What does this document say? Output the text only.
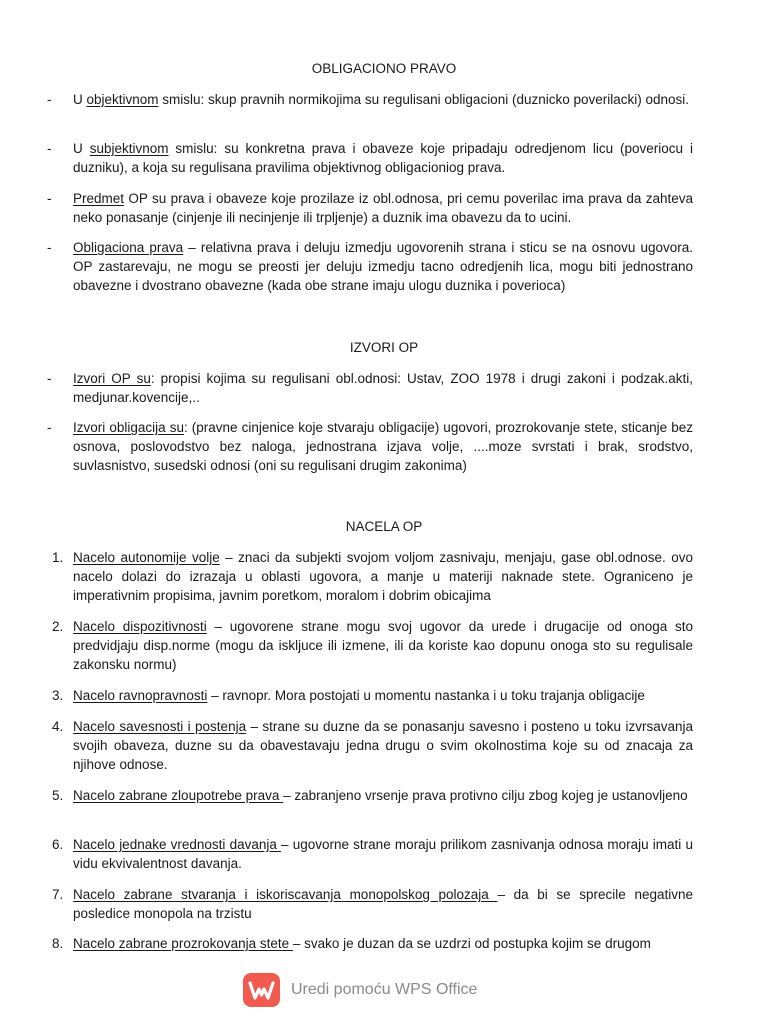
OBLIGACIONO PRAVO
-	U objektivnom smislu: skup pravnih normikojima su regulisani obligacioni (duznicko poverilacki) odnosi.
-	U subjektivnom smislu: su konkretna prava i obaveze koje pripadaju odredjenom licu (poveriocu i duzniku), a koja su regulisana pravilima objektivnog obligacioniog prava.
-	Predmet OP su prava i obaveze koje prozilaze iz obl.odnosa, pri cemu poverilac ima prava da zahteva neko ponasanje (cinjenje ili necinjenje ili trpljenje) a duznik ima obavezu da to ucini.
-	Obligaciona prava – relativna prava i deluju izmedju ugovorenih strana i sticu se na osnovu ugovora. OP zastarevaju, ne mogu se preosti jer deluju izmedju tacno odredjenih lica, mogu biti jednostrano obavezne i dvostrano obavezne (kada obe strane imaju ulogu duznika i poverioca)
IZVORI OP
-	Izvori OP su: propisi kojima su regulisani obl.odnosi: Ustav, ZOO 1978 i drugi zakoni i podzak.akti, medjunar.kovencije,..
-	Izvori obligacija su: (pravne cinjenice koje stvaraju obligacije) ugovori, prozrokovanje stete, sticanje bez osnova, poslovodstvo bez naloga, jednostrana izjava volje, ....moze svrstati i brak, srodstvo, suvlasnistvo, susedski odnosi (oni su regulisani drugim zakonima)
NACELA OP
1. Nacelo autonomije volje – znaci da subjekti svojom voljom zasnivaju, menjaju, gase obl.odnose. ovo nacelo dolazi do izrazaja u oblasti ugovora, a manje u materiji naknade stete. Ograniceno je imperativnim propisima, javnim poretkom, moralom i dobrim obicajima
2. Nacelo dispozitivnosti – ugovorene strane mogu svoj ugovor da urede i drugacije od onoga sto predvidjaju disp.norme (mogu da iskljuce ili izmene, ili da koriste kao dopunu onoga sto su regulisale zakonsku normu)
3. Nacelo ravnopravnosti – ravnopr. Mora postojati u momentu nastanka i u toku trajanja obligacije
4. Nacelo savesnosti i postenja – strane su duzne da se ponasanju savesno i posteno u toku izvrsavanja svojih obaveza, duzne su da obavestavaju jedna drugu o svim okolnostima koje su od znacaja za njihove odnose.
5. Nacelo zabrane zloupotrebe prava – zabranjeno vrsenje prava protivno cilju zbog kojeg je ustanovljeno
6. Nacelo jednake vrednosti davanja – ugovorne strane moraju prilikom zasnivanja odnosa moraju imati u vidu ekvivalentnost davanja.
7. Nacelo zabrane stvaranja i iskoriscavanja monopolskog polozaja – da bi se sprecile negativne posledice monopola na trzistu
8. Nacelo zabrane prozrokovanja stete – svako je duzan da se uzdrzi od postupka kojim se drugom
Uredi pomoću WPS Office
